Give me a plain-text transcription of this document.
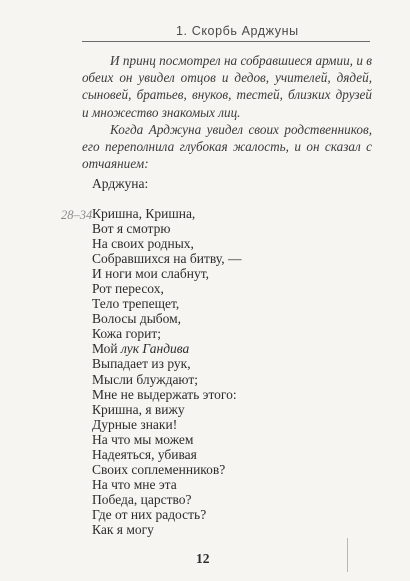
1. Скорбь Арджуны

И принц посмотрел на собравшиеся армии, и в обеих он увидел отцов и дедов, учителей, дядей, сыновей, братьев, внуков, тестей, близких друзей и множество знакомых лиц.

Когда Арджуна увидел своих родственников, его переполнила глубокая жалость, и он сказал с отчаянием:

Арджуна:
28–34 Кришна, Кришна,
Вот я смотрю
На своих родных,
Собравшихся на битву, —
И ноги мои слабнут,
Рот пересох,
Тело трепещет,
Волосы дыбом,
Кожа горит;
Мой лук Гандива
Выпадает из рук,
Мысли блуждают;
Мне не выдержать этого:
Кришна, я вижу
Дурные знаки!
На что мы можем
Надеяться, убивая
Своих соплеменников?
На что мне эта
Победа, царство?
Где от них радость?
Как я могу
12
